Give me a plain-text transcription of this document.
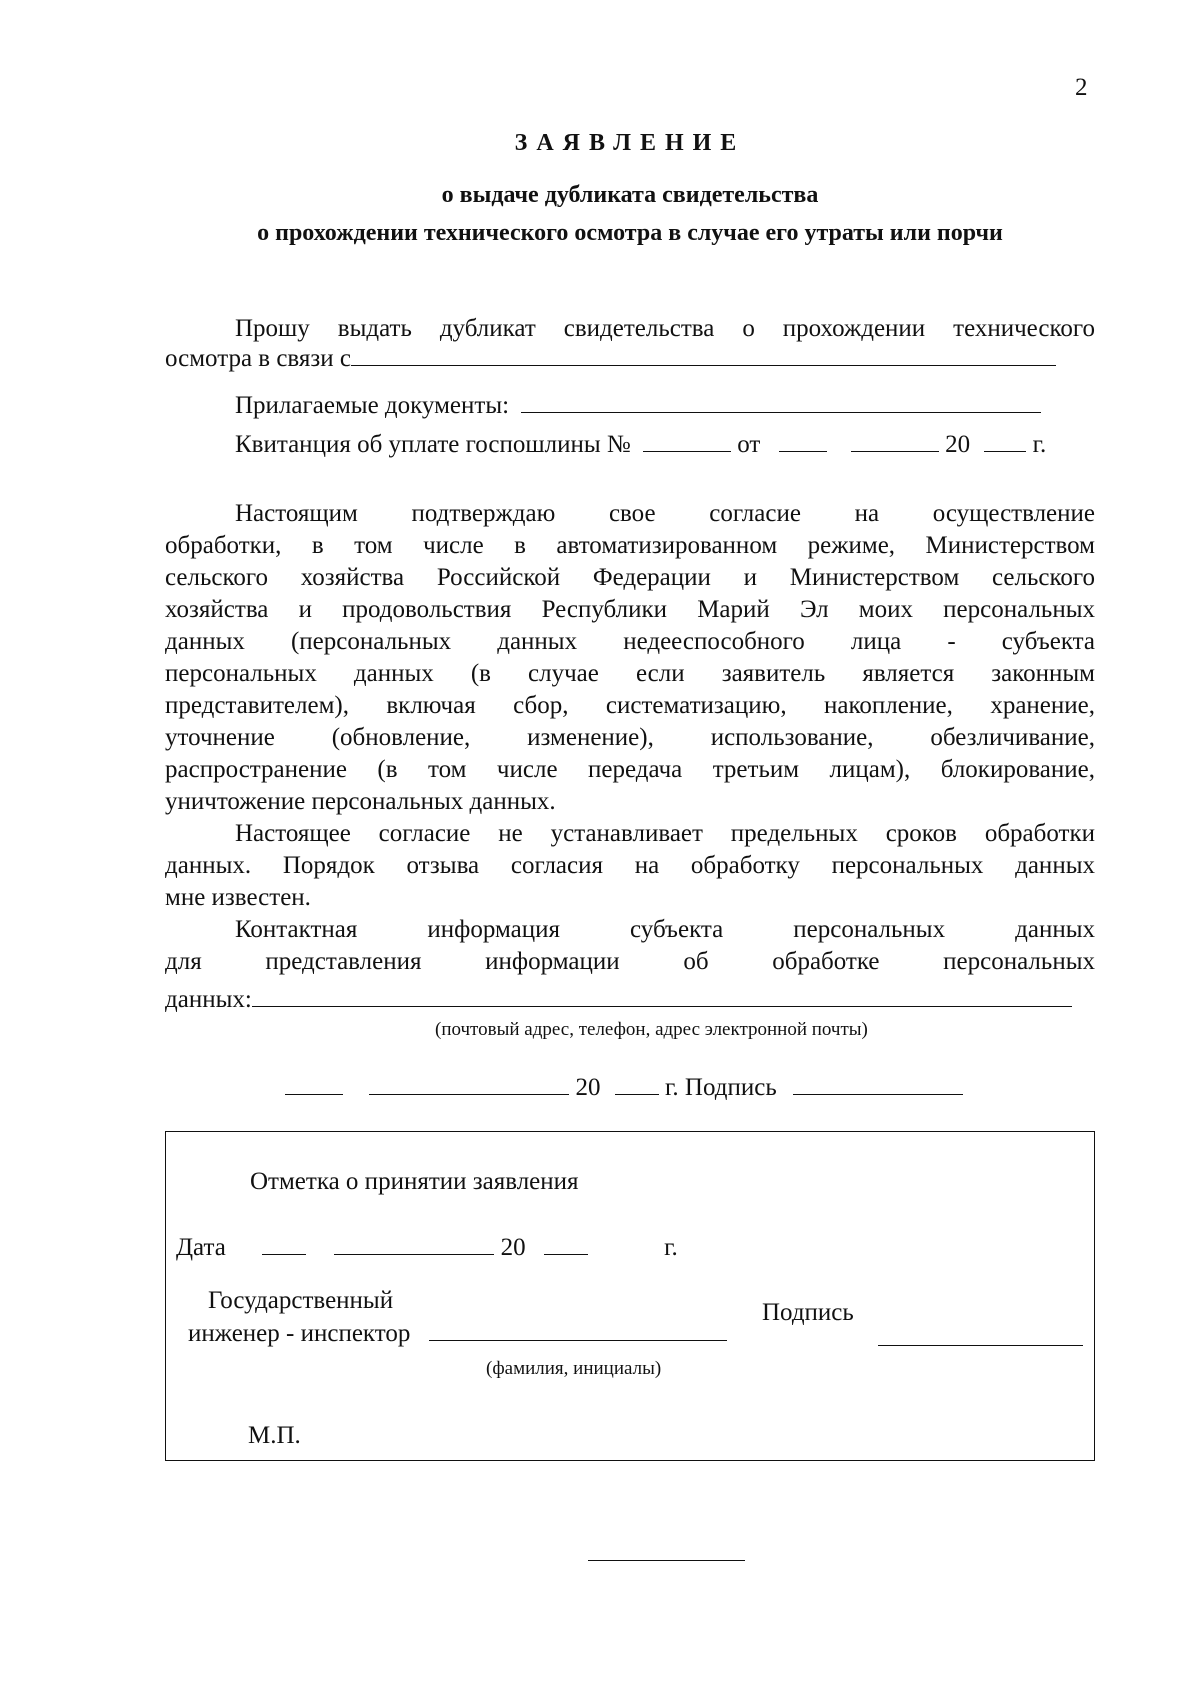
2
ЗАЯВЛЕНИЕ
о выдаче дубликата свидетельства
о прохождении технического осмотра в случае его утраты или порчи
Прошу выдать дубликат свидетельства о прохождении технического
осмотра в связи с
Прилагаемые документы:
Квитанция об уплате госпошлины №	от	20	г.
Настоящим подтверждаю свое согласие на осуществление
обработки, в том числе в автоматизированном режиме, Министерством
сельского хозяйства Российской Федерации и Министерством сельского
хозяйства и продовольствия Республики Марий Эл моих персональных
данных (персональных данных недееспособного лица - субъекта
персональных данных (в случае если заявитель является законным
представителем), включая сбор, систематизацию, накопление, хранение,
уточнение (обновление, изменение), использование, обезличивание,
распространение (в том числе передача третьим лицам), блокирование,
уничтожение персональных данных.
Настоящее согласие не устанавливает предельных сроков обработки
данных. Порядок отзыва согласия на обработку персональных данных
мне известен.
Контактная информация субъекта персональных данных
для представления информации об обработке персональных
данных:
(почтовый адрес, телефон, адрес электронной почты)
20	г. Подпись
Отметка о принятии заявления
Дата	20	г.
Государственный
инженер - инспектор
(фамилия, инициалы)
Подпись
М.П.
